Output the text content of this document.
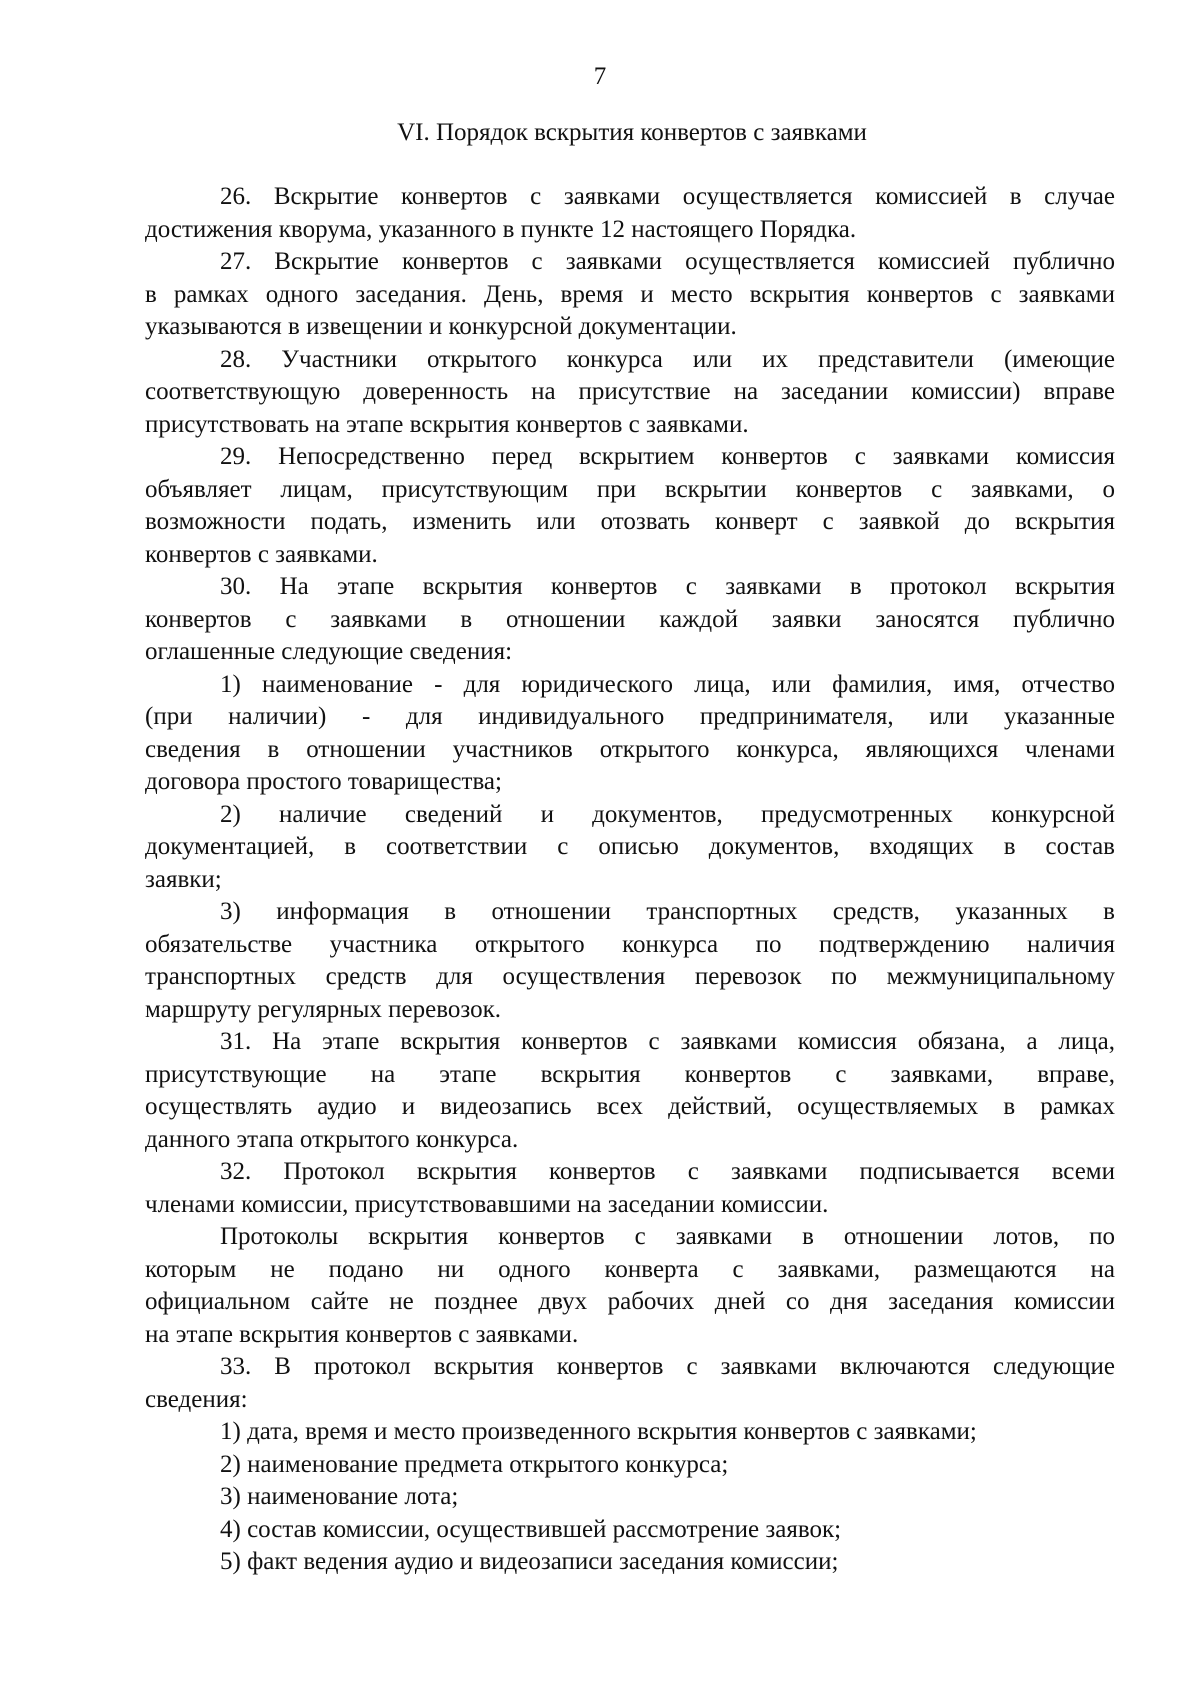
7
VI. Порядок вскрытия конвертов с заявками
26. Вскрытие конвертов с заявками осуществляется комиссией в случае
достижения кворума, указанного в пункте 12 настоящего Порядка.
27. Вскрытие конвертов с заявками осуществляется комиссией публично
в рамках одного заседания. День, время и место вскрытия конвертов с заявками
указываются в извещении и конкурсной документации.
28. Участники открытого конкурса или их представители (имеющие
соответствующую доверенность на присутствие на заседании комиссии) вправе
присутствовать на этапе вскрытия конвертов с заявками.
29. Непосредственно перед вскрытием конвертов с заявками комиссия
объявляет лицам, присутствующим при вскрытии конвертов с заявками, о
возможности подать, изменить или отозвать конверт с заявкой до вскрытия
конвертов с заявками.
30. На этапе вскрытия конвертов с заявками в протокол вскрытия
конвертов с заявками в отношении каждой заявки заносятся публично
оглашенные следующие сведения:
1) наименование - для юридического лица, или фамилия, имя, отчество
(при наличии) - для индивидуального предпринимателя, или указанные
сведения в отношении участников открытого конкурса, являющихся членами
договора простого товарищества;
2) наличие сведений и документов, предусмотренных конкурсной
документацией, в соответствии с описью документов, входящих в состав
заявки;
3) информация в отношении транспортных средств, указанных в
обязательстве участника открытого конкурса по подтверждению наличия
транспортных средств для осуществления перевозок по межмуниципальному
маршруту регулярных перевозок.
31. На этапе вскрытия конвертов с заявками комиссия обязана, а лица,
присутствующие на этапе вскрытия конвертов с заявками, вправе,
осуществлять аудио и видеозапись всех действий, осуществляемых в рамках
данного этапа открытого конкурса.
32. Протокол вскрытия конвертов с заявками подписывается всеми
членами комиссии, присутствовавшими на заседании комиссии.
Протоколы вскрытия конвертов с заявками в отношении лотов, по
которым не подано ни одного конверта с заявками, размещаются на
официальном сайте не позднее двух рабочих дней со дня заседания комиссии
на этапе вскрытия конвертов с заявками.
33. В протокол вскрытия конвертов с заявками включаются следующие
сведения:
1) дата, время и место произведенного вскрытия конвертов с заявками;
2) наименование предмета открытого конкурса;
3) наименование лота;
4) состав комиссии, осуществившей рассмотрение заявок;
5) факт ведения аудио и видеозаписи заседания комиссии;
